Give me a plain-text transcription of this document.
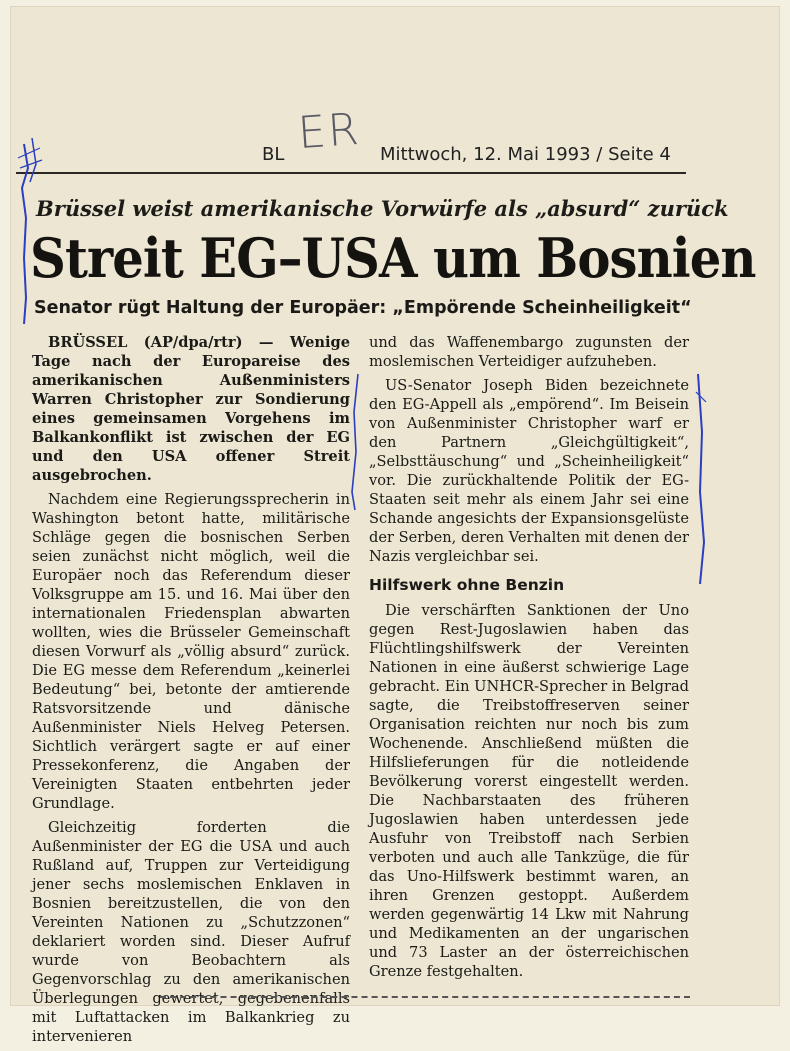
ER
BL	Mittwoch, 12. Mai 1993 / Seite 4
Brüssel weist amerikanische Vorwürfe als „absurd“ zurück
Streit EG–USA um Bosnien
Senator rügt Haltung der Europäer: „Empörende Scheinheiligkeit“

BRÜSSEL (AP/dpa/rtr) — Wenige Tage nach der Europareise des amerikanischen Außenministers Warren Christopher zur Sondierung eines gemeinsamen Vorgehens im Balkankonflikt ist zwischen der EG und den USA offener Streit ausgebrochen.

Nachdem eine Regierungssprecherin in Washington betont hatte, militärische Schläge gegen die bosnischen Serben seien zunächst nicht möglich, weil die Europäer noch das Referendum dieser Volksgruppe am 15. und 16. Mai über den internationalen Friedensplan abwarten wollten, wies die Brüsseler Gemeinschaft diesen Vorwurf als „völlig absurd“ zurück. Die EG messe dem Referendum „keinerlei Bedeutung“ bei, betonte der amtierende Ratsvorsitzende und dänische Außenminister Niels Helveg Petersen. Sichtlich verärgert sagte er auf einer Pressekonferenz, die Angaben der Vereinigten Staaten entbehrten jeder Grundlage.

Gleichzeitig forderten die Außenminister der EG die USA und auch Rußland auf, Truppen zur Verteidigung jener sechs moslemischen Enklaven in Bosnien bereitzustellen, die von den Vereinten Nationen zu „Schutzzonen“ deklariert worden sind. Dieser Aufruf wurde von Beobachtern als Gegenvorschlag zu den amerikanischen Überlegungen gewertet, gegebenenfalls mit Luftattacken im Balkankrieg zu intervenieren

und das Waffenembargo zugunsten der moslemischen Verteidiger aufzuheben.

US-Senator Joseph Biden bezeichnete den EG-Appell als „empörend“. Im Beisein von Außenminister Christopher warf er den Partnern „Gleichgültigkeit“, „Selbsttäuschung“ und „Scheinheiligkeit“ vor. Die zurückhaltende Politik der EG-Staaten seit mehr als einem Jahr sei eine Schande angesichts der Expansionsgelüste der Serben, deren Verhalten mit denen der Nazis vergleichbar sei.

Hilfswerk ohne Benzin

Die verschärften Sanktionen der Uno gegen Rest-Jugoslawien haben das Flüchtlingshilfswerk der Vereinten Nationen in eine äußerst schwierige Lage gebracht. Ein UNHCR-Sprecher in Belgrad sagte, die Treibstoffreserven seiner Organisation reichten nur noch bis zum Wochenende. Anschließend müßten die Hilfslieferungen für die notleidende Bevölkerung vorerst eingestellt werden. Die Nachbarstaaten des früheren Jugoslawien haben unterdessen jede Ausfuhr von Treibstoff nach Serbien verboten und auch alle Tankzüge, die für das Uno-Hilfswerk bestimmt waren, an ihren Grenzen gestoppt. Außerdem werden gegenwärtig 14 Lkw mit Nahrung und Medikamenten an der ungarischen und 73 Laster an der österreichischen Grenze festgehalten.
